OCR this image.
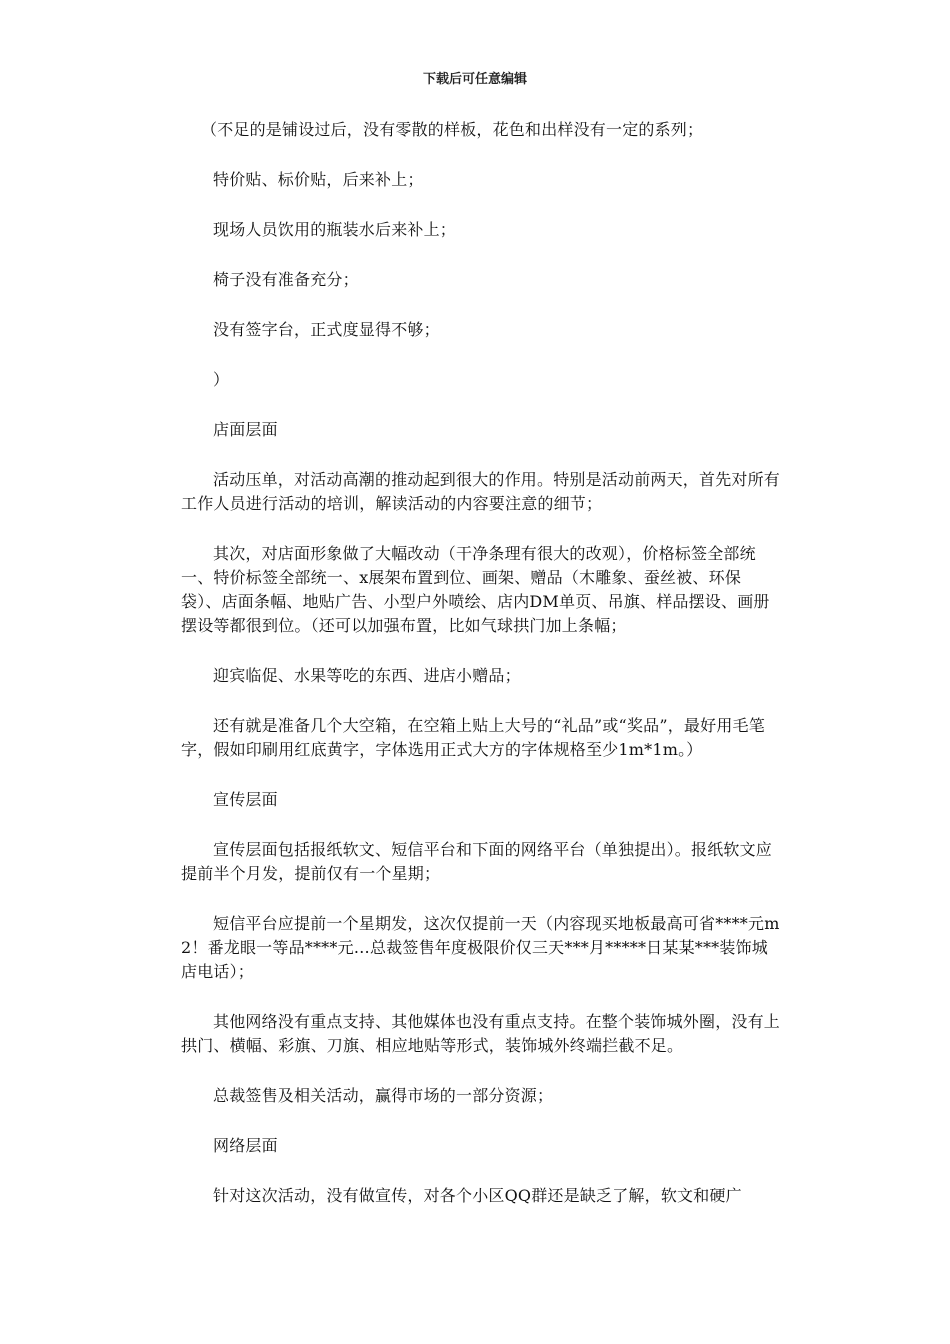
下载后可任意编辑

（不足的是铺设过后，没有零散的样板，花色和出样没有一定的系列；

特价贴、标价贴，后来补上；

现场人员饮用的瓶装水后来补上；

椅子没有准备充分；

没有签字台，正式度显得不够；

）

店面层面

活动压单，对活动高潮的推动起到很大的作用。特别是活动前两天，首先对所有工作人员进行活动的培训，解读活动的内容要注意的细节；

其次，对店面形象做了大幅改动（干净条理有很大的改观），价格标签全部统一、特价标签全部统一、x展架布置到位、画架、赠品（木雕象、蚕丝被、环保袋）、店面条幅、地贴广告、小型户外喷绘、店内DM单页、吊旗、样品摆设、画册摆设等都很到位。（还可以加强布置，比如气球拱门加上条幅；

迎宾临促、水果等吃的东西、进店小赠品；

还有就是准备几个大空箱，在空箱上贴上大号的“礼品”或“奖品”，最好用毛笔字，假如印刷用红底黄字，字体选用正式大方的字体规格至少1m*1m。）

宣传层面

宣传层面包括报纸软文、短信平台和下面的网络平台（单独提出）。报纸软文应提前半个月发，提前仅有一个星期；

短信平台应提前一个星期发，这次仅提前一天（内容现买地板最高可省****元m2！番龙眼一等品****元…总裁签售年度极限价仅三天***月*****日某某***装饰城店电话）；

其他网络没有重点支持、其他媒体也没有重点支持。在整个装饰城外圈，没有上拱门、横幅、彩旗、刀旗、相应地贴等形式，装饰城外终端拦截不足。

总裁签售及相关活动，赢得市场的一部分资源；

网络层面

针对这次活动，没有做宣传，对各个小区QQ群还是缺乏了解，软文和硬广
